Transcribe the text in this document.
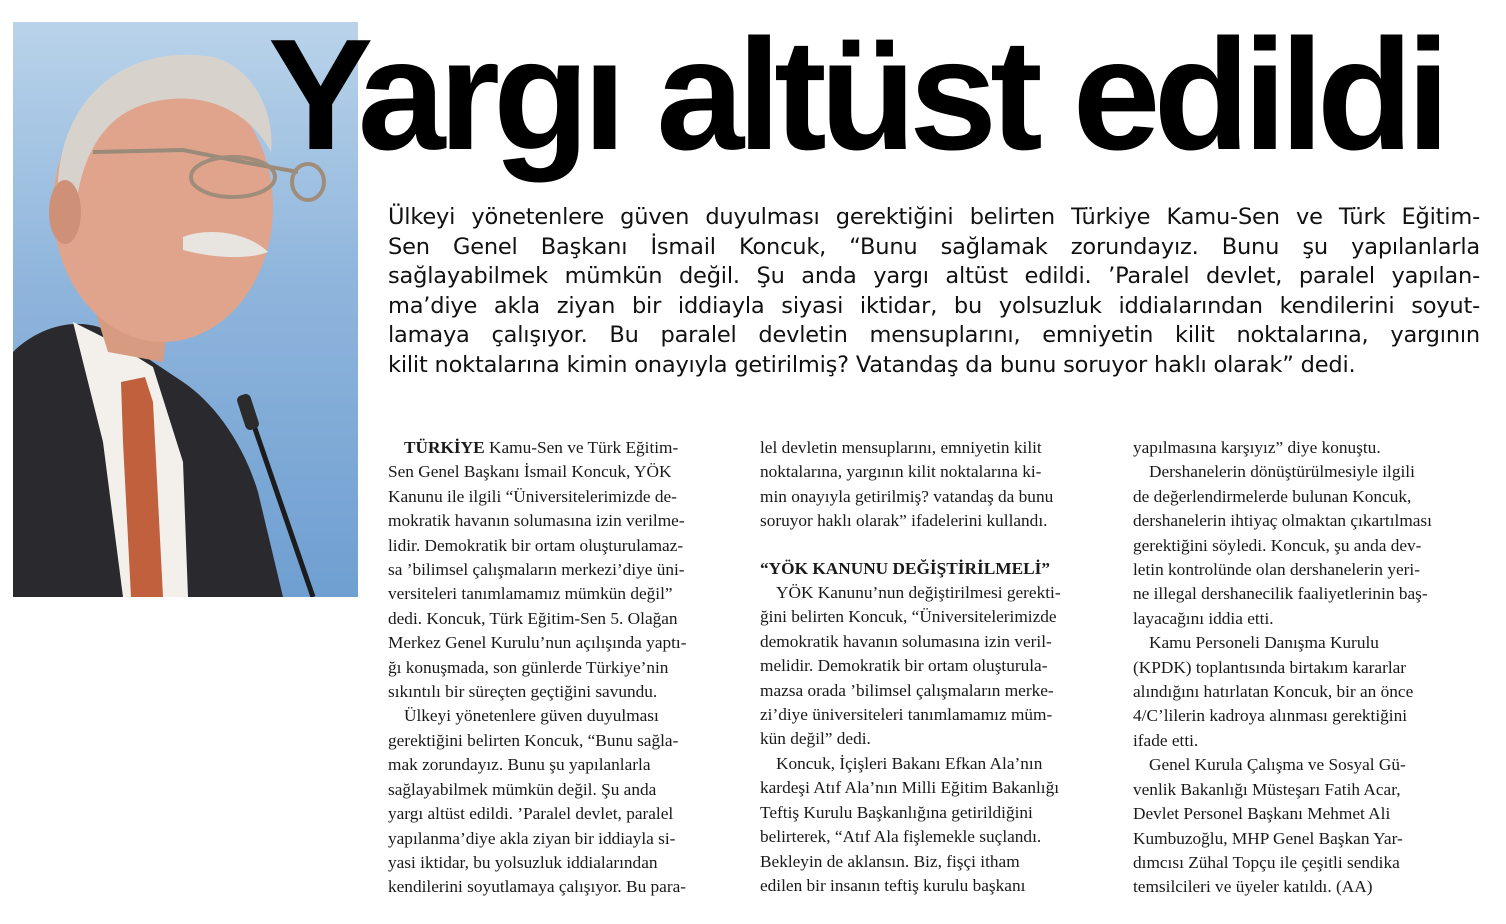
Yargı altüst edildi

Ülkeyi yönetenlere güven duyulması gerektiğini belirten Türkiye Kamu-Sen ve Türk Eğitim-
Sen Genel Başkanı İsmail Koncuk, “Bunu sağlamak zorundayız. Bunu şu yapılanlarla
sağlayabilmek mümkün değil. Şu anda yargı altüst edildi. ’Paralel devlet, paralel yapılan-
ma’diye akla ziyan bir iddiayla siyasi iktidar, bu yolsuzluk iddialarından kendilerini soyut-
lamaya çalışıyor. Bu paralel devletin mensuplarını, emniyetin kilit noktalarına, yargının
kilit noktalarına kimin onayıyla getirilmiş? Vatandaş da bunu soruyor haklı olarak” dedi.

TÜRKİYE Kamu-Sen ve Türk Eğitim-
Sen Genel Başkanı İsmail Koncuk, YÖK
Kanunu ile ilgili “Üniversitelerimizde de-
mokratik havanın solumasına izin verilme-
lidir. Demokratik bir ortam oluşturulamaz-
sa ’bilimsel çalışmaların merkezi’diye üni-
versiteleri tanımlamamız mümkün değil”
dedi. Koncuk, Türk Eğitim-Sen 5. Olağan
Merkez Genel Kurulu’nun açılışında yaptı-
ğı konuşmada, son günlerde Türkiye’nin
sıkıntılı bir süreçten geçtiğini savundu.

Ülkeyi yönetenlere güven duyulması
gerektiğini belirten Koncuk, “Bunu sağla-
mak zorundayız. Bunu şu yapılanlarla
sağlayabilmek mümkün değil. Şu anda
yargı altüst edildi. ’Paralel devlet, paralel
yapılanma’diye akla ziyan bir iddiayla si-
yasi iktidar, bu yolsuzluk iddialarından
kendilerini soyutlamaya çalışıyor. Bu para-

lel devletin mensuplarını, emniyetin kilit
noktalarına, yargının kilit noktalarına ki-
min onayıyla getirilmiş? vatandaş da bunu
soruyor haklı olarak” ifadelerini kullandı.

“YÖK KANUNU DEĞİŞTİRİLMELİ”

YÖK Kanunu’nun değiştirilmesi gerekti-
ğini belirten Koncuk, “Üniversitelerimizde
demokratik havanın solumasına izin veril-
melidir. Demokratik bir ortam oluşturula-
mazsa orada ’bilimsel çalışmaların merke-
zi’diye üniversiteleri tanımlamamız müm-
kün değil” dedi.

Koncuk, İçişleri Bakanı Efkan Ala’nın
kardeşi Atıf Ala’nın Milli Eğitim Bakanlığı
Teftiş Kurulu Başkanlığına getirildiğini
belirterek, “Atıf Ala fişlemekle suçlandı.
Bekleyin de aklansın. Biz, fişçi itham
edilen bir insanın teftiş kurulu başkanı

yapılmasına karşıyız” diye konuştu.

Dershanelerin dönüştürülmesiyle ilgili
de değerlendirmelerde bulunan Koncuk,
dershanelerin ihtiyaç olmaktan çıkartılması
gerektiğini söyledi. Koncuk, şu anda dev-
letin kontrolünde olan dershanelerin yeri-
ne illegal dershanecilik faaliyetlerinin baş-
layacağını iddia etti.

Kamu Personeli Danışma Kurulu
(KPDK) toplantısında birtakım kararlar
alındığını hatırlatan Koncuk, bir an önce
4/C’lilerin kadroya alınması gerektiğini
ifade etti.

Genel Kurula Çalışma ve Sosyal Gü-
venlik Bakanlığı Müsteşarı Fatih Acar,
Devlet Personel Başkanı Mehmet Ali
Kumbuzoğlu, MHP Genel Başkan Yar-
dımcısı Zühal Topçu ile çeşitli sendika
temsilcileri ve üyeler katıldı. (AA)
